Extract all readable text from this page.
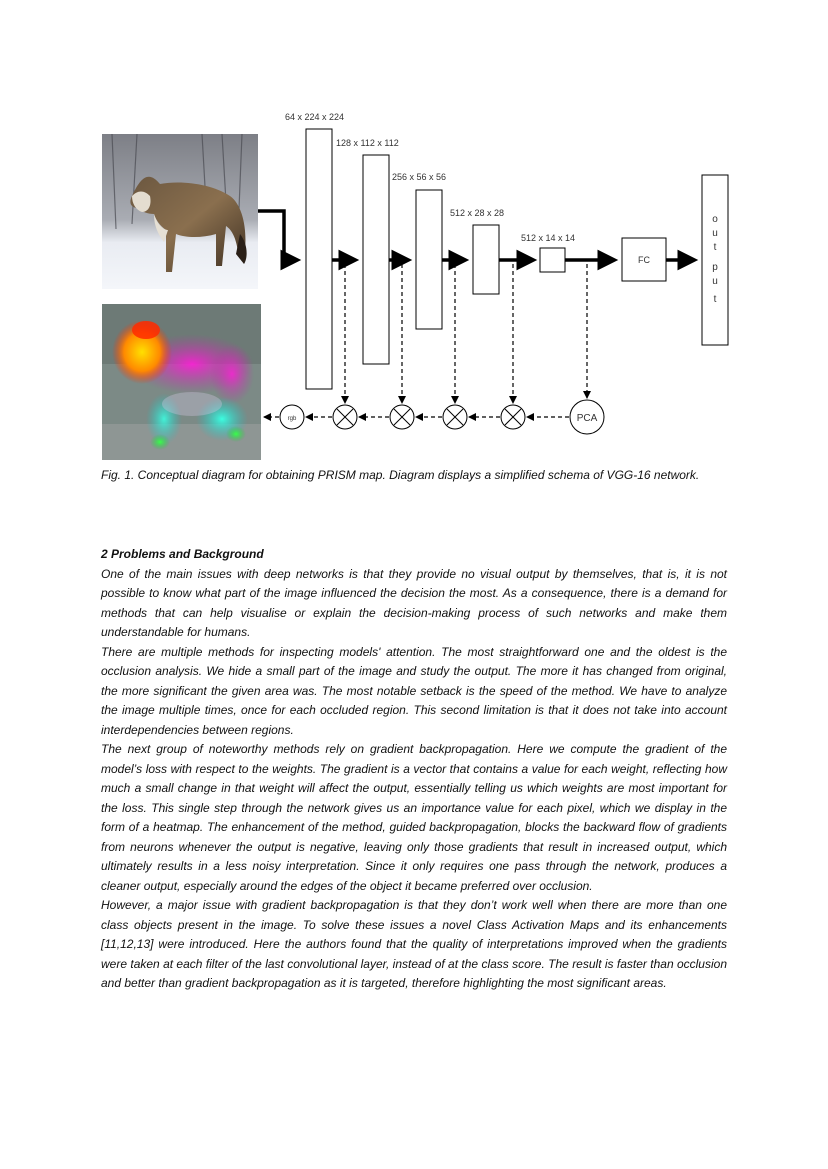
64 x 224 x 224
128 x 112 x 112
256 x 56 x 56
512 x 28 x 28
512 x 14 x 14
FC
o
u
t
p
u
t
PCA
rgb
Fig. 1. Conceptual diagram for obtaining PRISM map. Diagram displays a simplified schema of VGG-16 network.
2 Problems and Background

One of the main issues with deep networks is that they provide no visual output by themselves, that is, it is not possible to know what part of the image influenced the decision the most. As a consequence, there is a demand for methods that can help visualise or explain the decision-making process of such networks and make them understandable for humans.

There are multiple methods for inspecting models' attention. The most straightforward one and the oldest is the occlusion analysis. We hide a small part of the image and study the output. The more it has changed from original, the more significant the given area was. The most notable setback is the speed of the method. We have to analyze the image multiple times, once for each occluded region. This second limitation is that it does not take into account interdependencies between regions.

The next group of noteworthy methods rely on gradient backpropagation. Here we compute the gradient of the model’s loss with respect to the weights. The gradient is a vector that contains a value for each weight, reflecting how much a small change in that weight will affect the output, essentially telling us which weights are most important for the loss. This single step through the network gives us an importance value for each pixel, which we display in the form of a heatmap. The enhancement of the method, guided backpropagation, blocks the backward flow of gradients from neurons whenever the output is negative, leaving only those gradients that result in increased output, which ultimately results in a less noisy interpretation. Since it only requires one pass through the network, produces a cleaner output, especially around the edges of the object it became preferred over occlusion.

However, a major issue with gradient backpropagation is that they don’t work well when there are more than one class objects present in the image. To solve these issues a novel Class Activation Maps and its enhancements [11,12,13] were introduced. Here the authors found that the quality of interpretations improved when the gradients were taken at each filter of the last convolutional layer, instead of at the class score. The result is faster than occlusion and better than gradient backpropagation as it is targeted, therefore highlighting the most significant areas.
